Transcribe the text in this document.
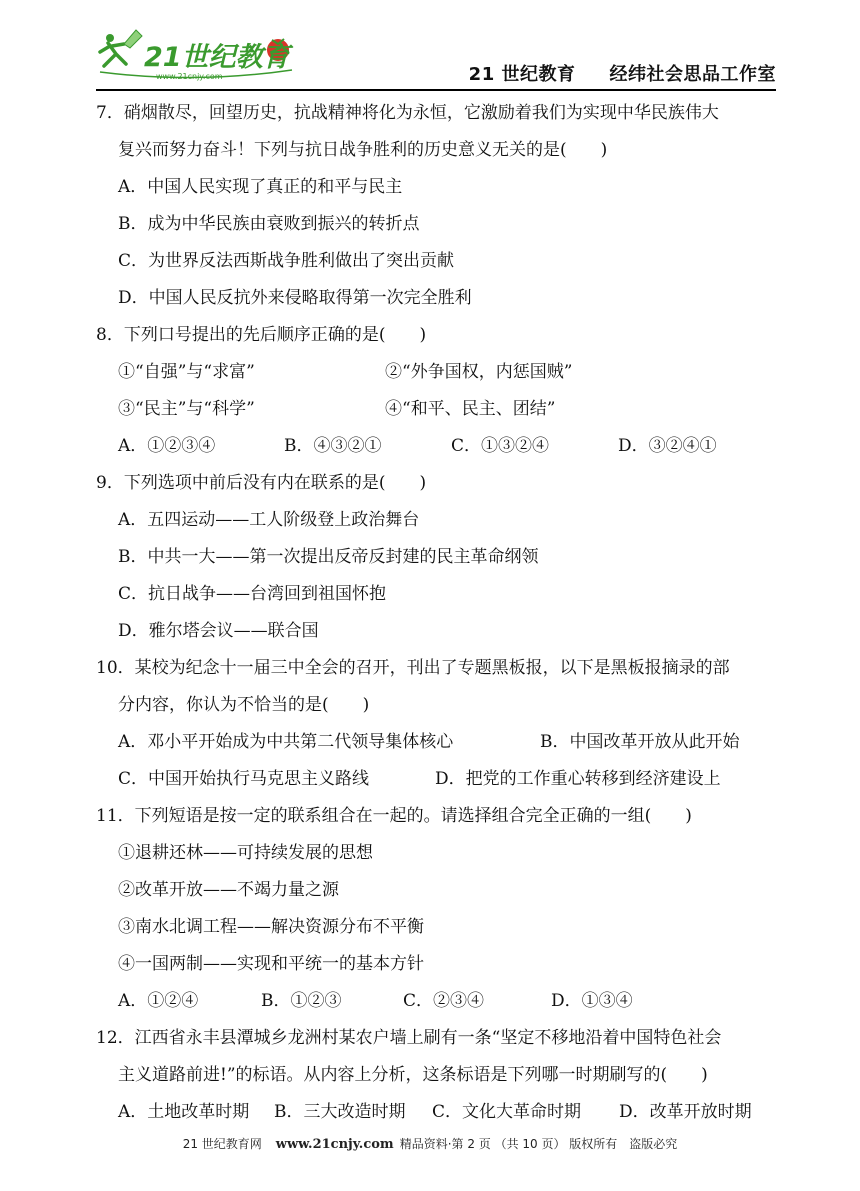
21世纪教育
www.21cnjy.com	21 世纪教育 经纬社会思品工作室
7．硝烟散尽，回望历史，抗战精神将化为永恒，它激励着我们为实现中华民族伟大
复兴而努力奋斗！下列与抗日战争胜利的历史意义无关的是(　　)
A．中国人民实现了真正的和平与民主
B．成为中华民族由衰败到振兴的转折点
C．为世界反法西斯战争胜利做出了突出贡献
D．中国人民反抗外来侵略取得第一次完全胜利
8．下列口号提出的先后顺序正确的是(　　)
①“自强”与“求富”	②“外争国权，内惩国贼”
③“民主”与“科学”	④“和平、民主、团结”
A．①②③④	B．④③②①	C．①③②④	D．③②④①
9．下列选项中前后没有内在联系的是(　　)
A．五四运动——工人阶级登上政治舞台
B．中共一大——第一次提出反帝反封建的民主革命纲领
C．抗日战争——台湾回到祖国怀抱
D．雅尔塔会议——联合国
10．某校为纪念十一届三中全会的召开，刊出了专题黑板报，以下是黑板报摘录的部
分内容，你认为不恰当的是(　　)
A．邓小平开始成为中共第二代领导集体核心	B．中国改革开放从此开始
C．中国开始执行马克思主义路线	D．把党的工作重心转移到经济建设上
11．下列短语是按一定的联系组合在一起的。请选择组合完全正确的一组(　　)
①退耕还林——可持续发展的思想
②改革开放——不竭力量之源
③南水北调工程——解决资源分布不平衡
④一国两制——实现和平统一的基本方针
A．①②④	B．①②③	C．②③④	D．①③④
12．江西省永丰县潭城乡龙洲村某农户墙上刷有一条“坚定不移地沿着中国特色社会
主义道路前进!”的标语。从内容上分析，这条标语是下列哪一时期刷写的(　　)
A．土地改革时期	B．三大改造时期	C．文化大革命时期	D．改革开放时期
21 世纪教育网 www.21cnjy.com 精品资料·第 2 页 （共 10 页） 版权所有　盗版必究
